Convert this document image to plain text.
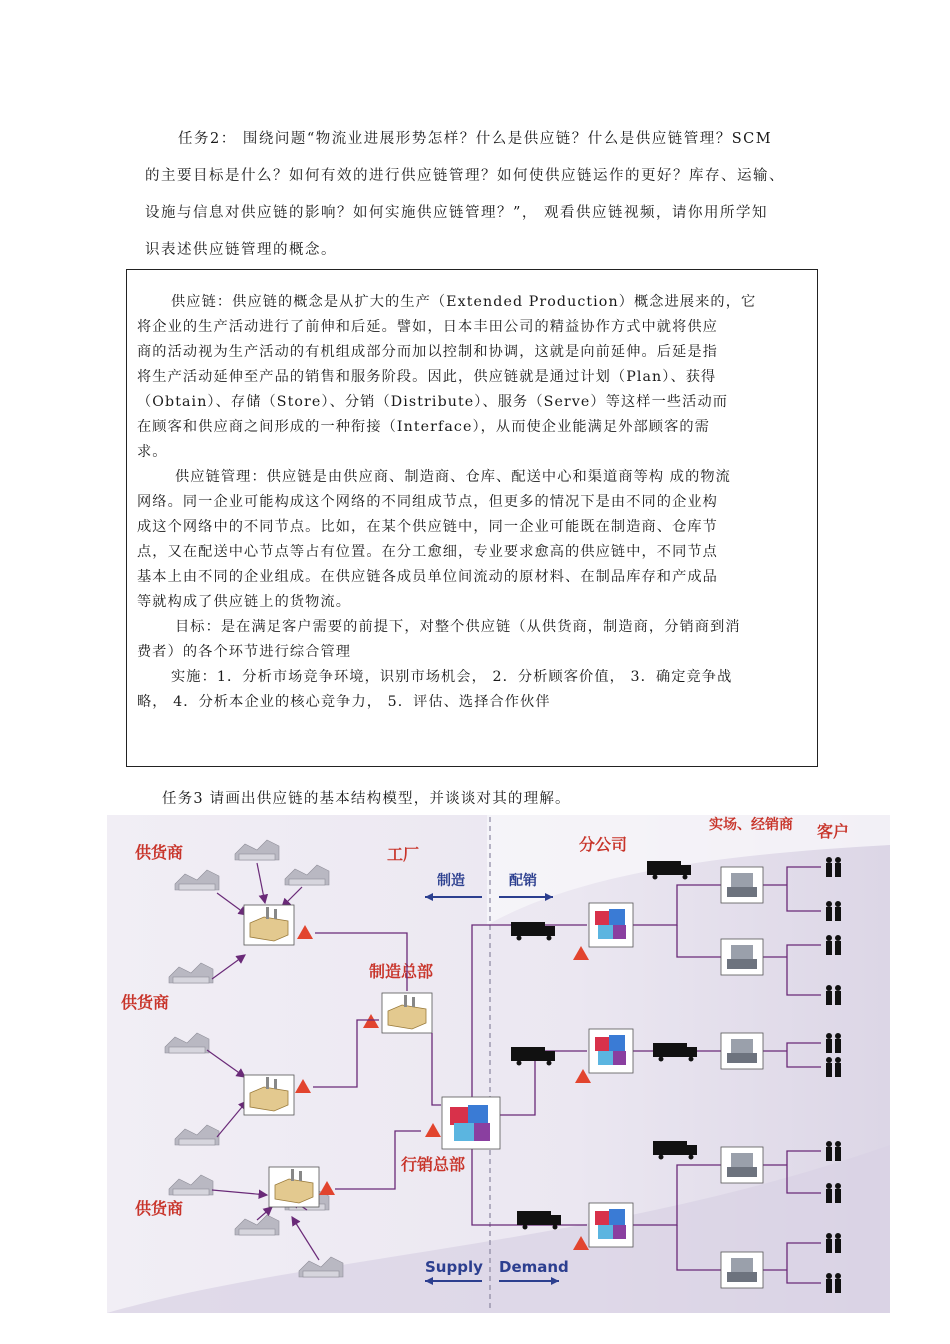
任务2： 围绕问题“物流业进展形势怎样？什么是供应链？什么是供应链管理？SCM
的主要目标是什么？如何有效的进行供应链管理？如何使供应链运作的更好？库存、运输、
设施与信息对供应链的影响？如何实施供应链管理？”， 观看供应链视频，请你用所学知
识表述供应链管理的概念。
供应链：供应链的概念是从扩大的生产（Extended Production）概念进展来的，它
将企业的生产活动进行了前伸和后延。譬如，日本丰田公司的精益协作方式中就将供应
商的活动视为生产活动的有机组成部分而加以控制和协调，这就是向前延伸。后延是指
将生产活动延伸至产品的销售和服务阶段。因此，供应链就是通过计划（Plan）、获得
（Obtain）、存储（Store）、分销（Distribute）、服务（Serve）等这样一些活动而
在顾客和供应商之间形成的一种衔接（Interface），从而使企业能满足外部顾客的需
求。
供应链管理：供应链是由供应商、制造商、仓库、配送中心和渠道商等构 成的物流
网络。同一企业可能构成这个网络的不同组成节点，但更多的情况下是由不同的企业构
成这个网络中的不同节点。比如，在某个供应链中，同一企业可能既在制造商、仓库节
点，又在配送中心节点等占有位置。在分工愈细，专业要求愈高的供应链中，不同节点
基本上由不同的企业组成。在供应链各成员单位间流动的原材料、在制品库存和产成品
等就构成了供应链上的货物流。
目标：是在满足客户需要的前提下，对整个供应链（从供货商，制造商，分销商到消
费者）的各个环节进行综合管理
实施：1．分析市场竞争环境，识别市场机会， 2．分析顾客价值， 3．确定竞争战
略， 4．分析本企业的核心竞争力， 5．评估、选择合作伙伴
任务3 请画出供应链的基本结构模型，并谈谈对其的理解。
供货商
供货商
供货商
工厂
分公司
实场、经销商 客户
制造总部
行销总部
制造	配销
Supply Demand
